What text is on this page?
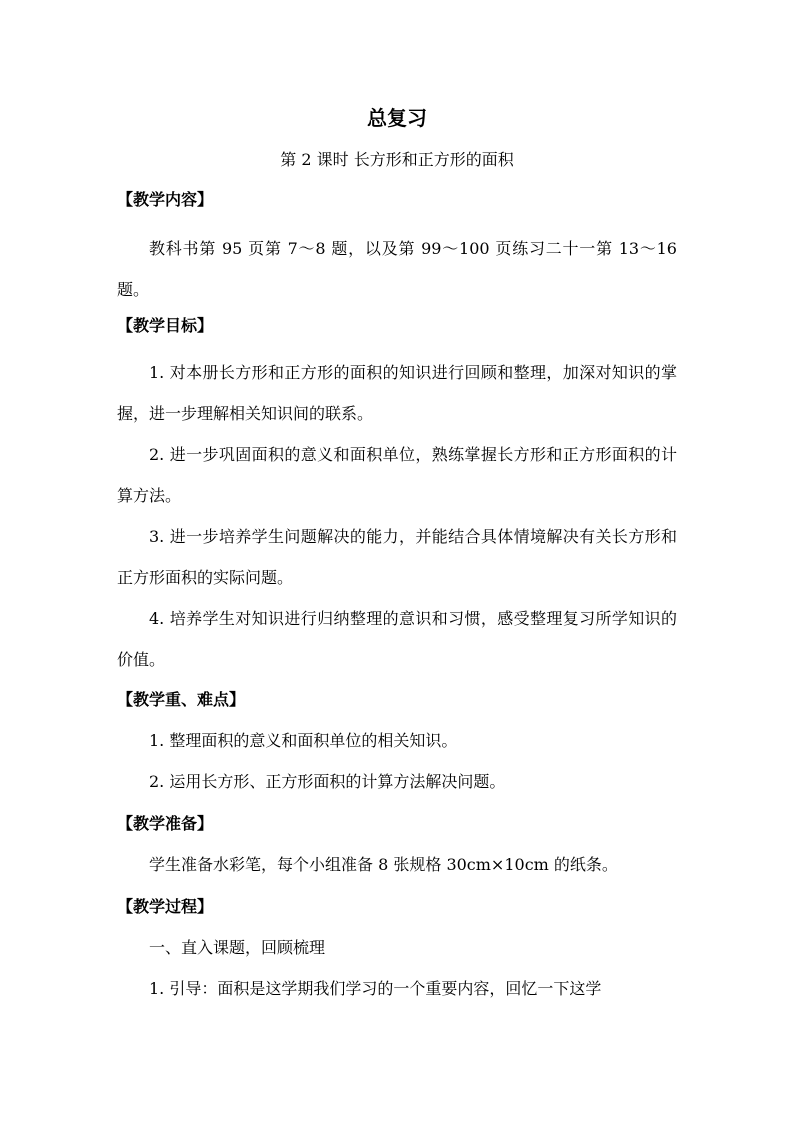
总复习
第 2 课时 长方形和正方形的面积
【教学内容】

教科书第 95 页第 7～8 题，以及第 99～100 页练习二十一第 13～16 题。

【教学目标】

1. 对本册长方形和正方形的面积的知识进行回顾和整理，加深对知识的掌握，进一步理解相关知识间的联系。

2. 进一步巩固面积的意义和面积单位，熟练掌握长方形和正方形面积的计算方法。

3. 进一步培养学生问题解决的能力，并能结合具体情境解决有关长方形和正方形面积的实际问题。

4. 培养学生对知识进行归纳整理的意识和习惯，感受整理复习所学知识的价值。

【教学重、难点】
1. 整理面积的意义和面积单位的相关知识。
2. 运用长方形、正方形面积的计算方法解决问题。
【教学准备】
学生准备水彩笔，每个小组准备 8 张规格 30cm×10cm 的纸条。
【教学过程】
一、直入课题，回顾梳理
1. 引导：面积是这学期我们学习的一个重要内容，回忆一下这学
